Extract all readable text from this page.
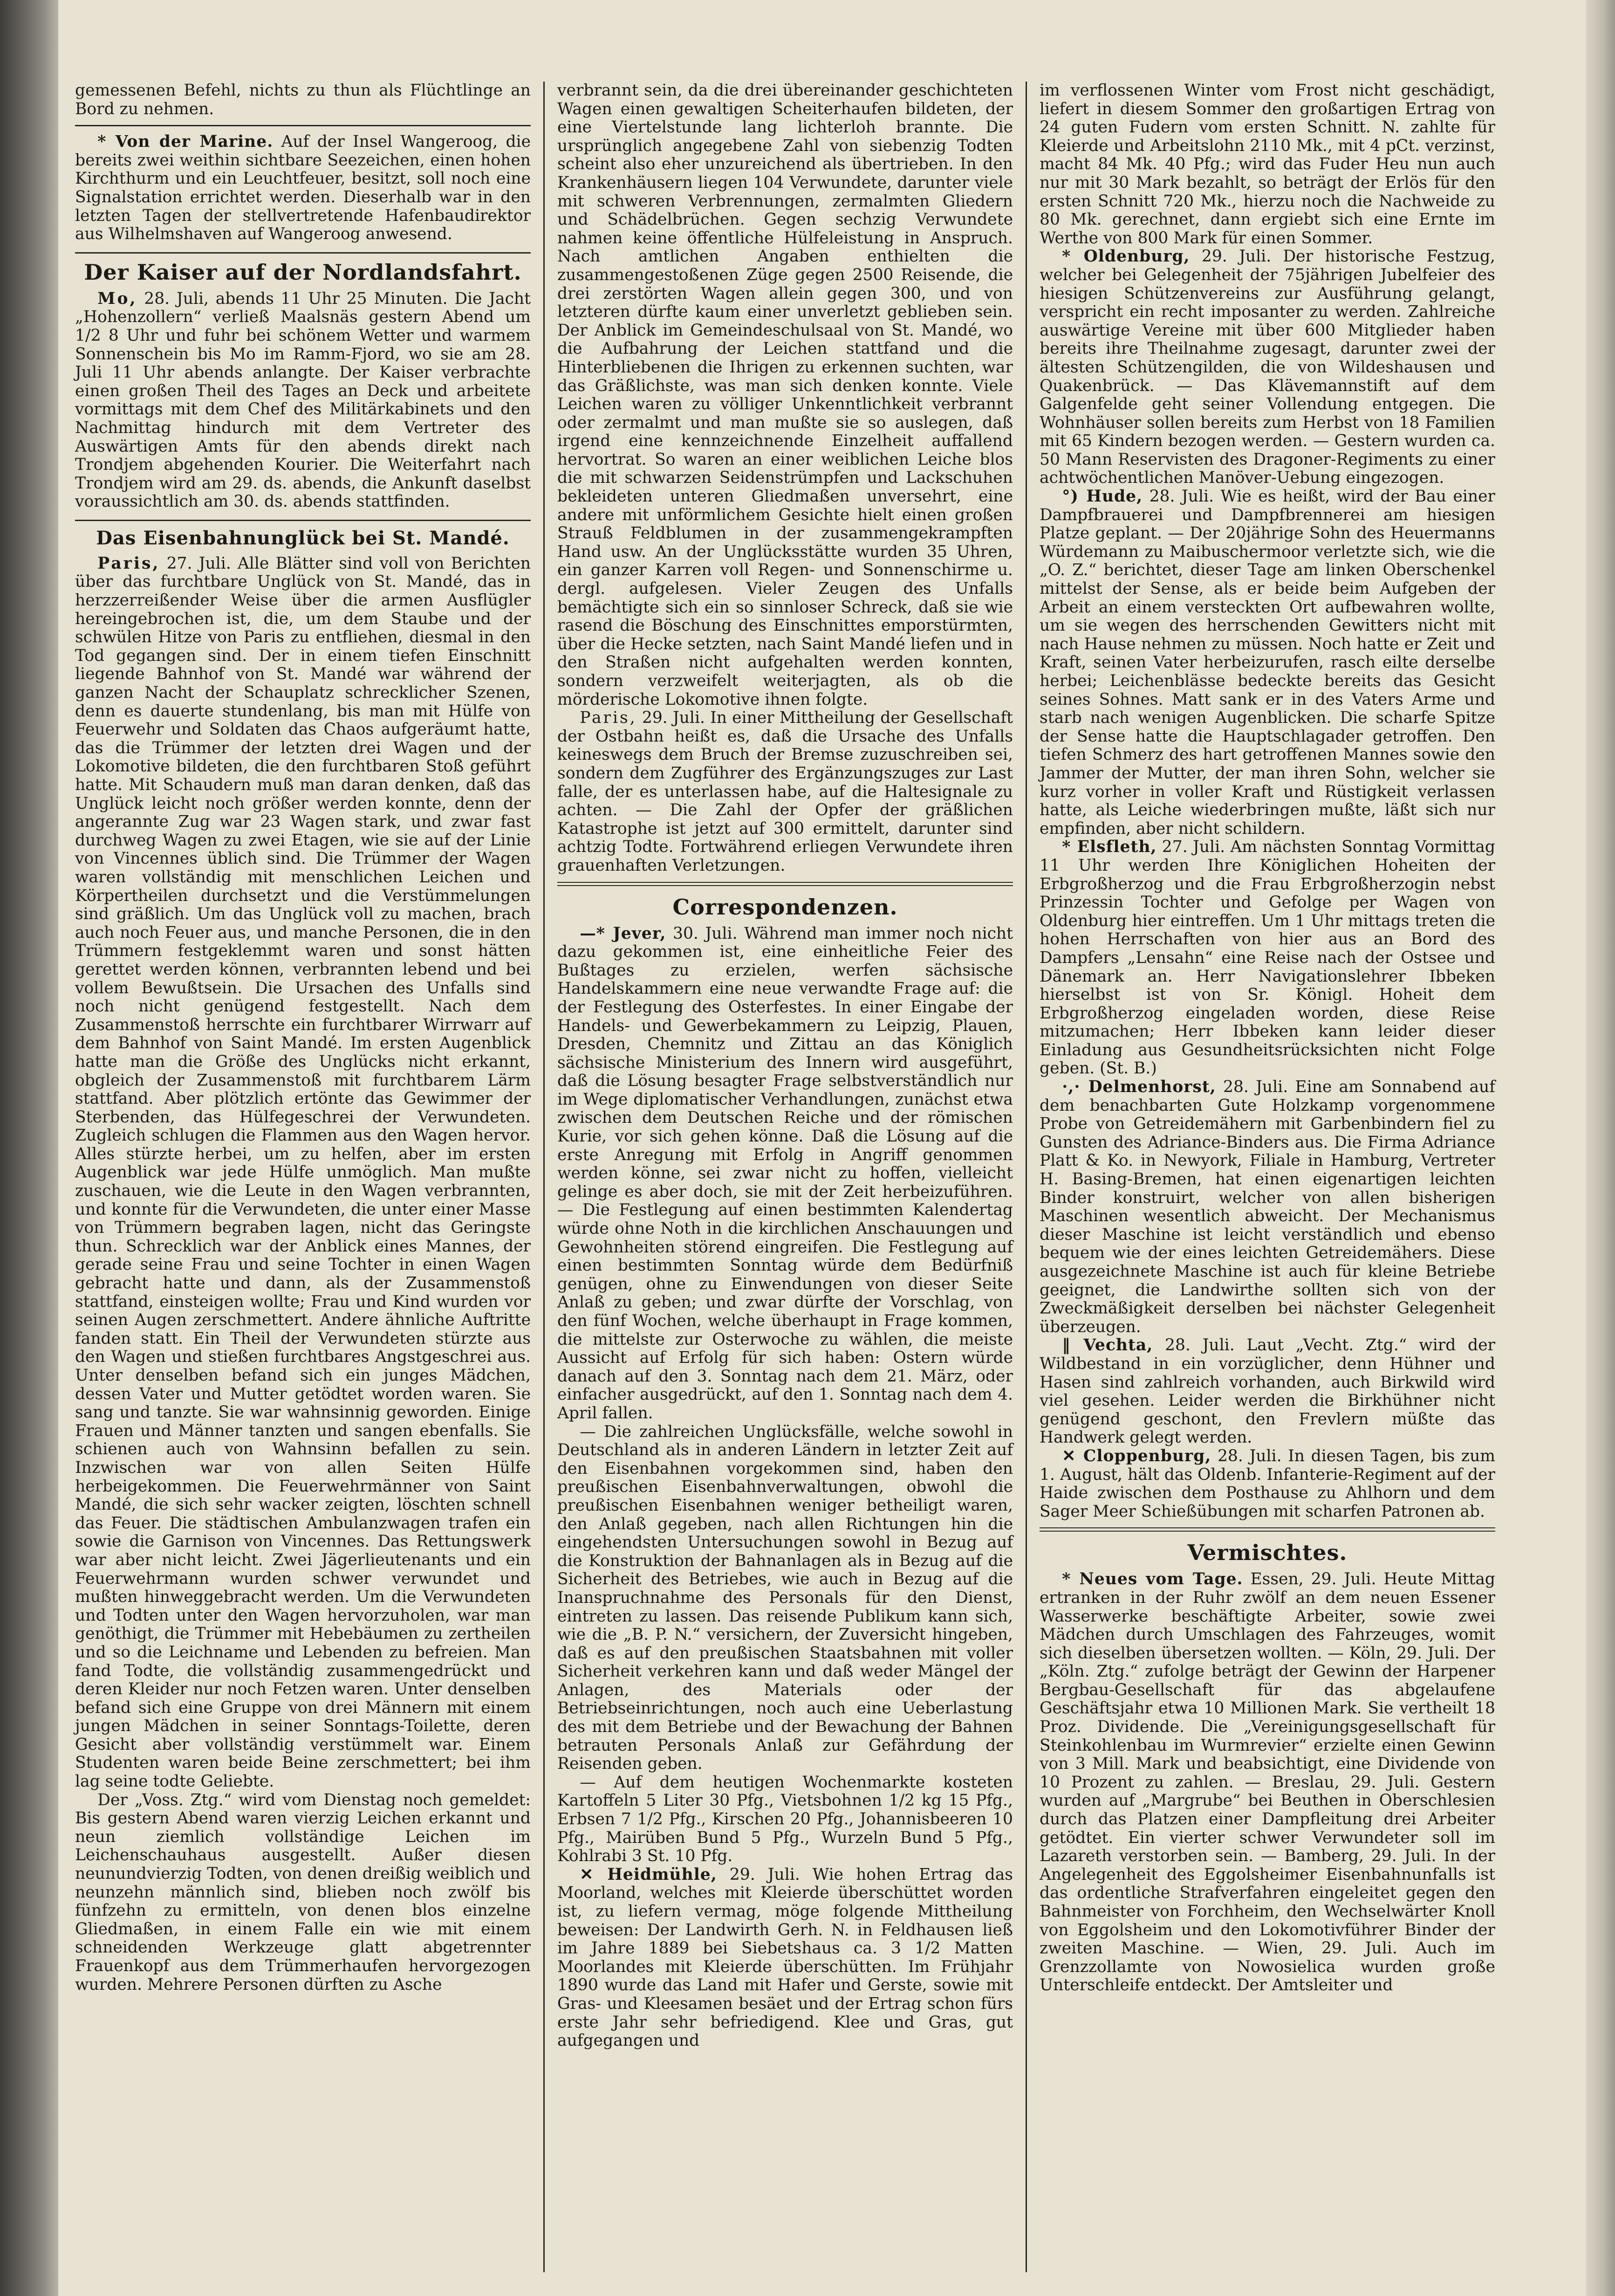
gemessenen Befehl, nichts zu thun als Flüchtlinge an Bord zu nehmen.

* Von der Marine. Auf der Insel Wangeroog, die bereits zwei weithin sichtbare Seezeichen, einen hohen Kirchthurm und ein Leuchtfeuer, besitzt, soll noch eine Signalstation errichtet werden. Dieserhalb war in den letzten Tagen der stellvertretende Hafenbaudirektor aus Wilhelmshaven auf Wangeroog anwesend.

Der Kaiser auf der Nordlandsfahrt.

Mo, 28. Juli, abends 11 Uhr 25 Minuten. Die Jacht „Hohenzollern“ verließ Maalsnäs gestern Abend um 1/2 8 Uhr und fuhr bei schönem Wetter und warmem Sonnenschein bis Mo im Ramm-Fjord, wo sie am 28. Juli 11 Uhr abends anlangte. Der Kaiser verbrachte einen großen Theil des Tages an Deck und arbeitete vormittags mit dem Chef des Militärkabinets und den Nachmittag hindurch mit dem Vertreter des Auswärtigen Amts für den abends direkt nach Trondjem abgehenden Kourier. Die Weiterfahrt nach Trondjem wird am 29. ds. abends, die Ankunft daselbst voraussichtlich am 30. ds. abends stattfinden.

Das Eisenbahnunglück bei St. Mandé.

Paris, 27. Juli. Alle Blätter sind voll von Berichten über das furchtbare Unglück von St. Mandé, das in herzzerreißender Weise über die armen Ausflügler hereingebrochen ist, die, um dem Staube und der schwülen Hitze von Paris zu entfliehen, diesmal in den Tod gegangen sind. Der in einem tiefen Einschnitt liegende Bahnhof von St. Mandé war während der ganzen Nacht der Schauplatz schrecklicher Szenen, denn es dauerte stundenlang, bis man mit Hülfe von Feuerwehr und Soldaten das Chaos aufgeräumt hatte, das die Trümmer der letzten drei Wagen und der Lokomotive bildeten, die den furchtbaren Stoß geführt hatte. Mit Schaudern muß man daran denken, daß das Unglück leicht noch größer werden konnte, denn der angerannte Zug war 23 Wagen stark, und zwar fast durchweg Wagen zu zwei Etagen, wie sie auf der Linie von Vincennes üblich sind. Die Trümmer der Wagen waren vollständig mit menschlichen Leichen und Körpertheilen durchsetzt und die Verstümmelungen sind gräßlich. Um das Unglück voll zu machen, brach auch noch Feuer aus, und manche Personen, die in den Trümmern festgeklemmt waren und sonst hätten gerettet werden können, verbrannten lebend und bei vollem Bewußtsein. Die Ursachen des Unfalls sind noch nicht genügend festgestellt. Nach dem Zusammenstoß herrschte ein furchtbarer Wirrwarr auf dem Bahnhof von Saint Mandé. Im ersten Augenblick hatte man die Größe des Unglücks nicht erkannt, obgleich der Zusammenstoß mit furchtbarem Lärm stattfand. Aber plötzlich ertönte das Gewimmer der Sterbenden, das Hülfegeschrei der Verwundeten. Zugleich schlugen die Flammen aus den Wagen hervor. Alles stürzte herbei, um zu helfen, aber im ersten Augenblick war jede Hülfe unmöglich. Man mußte zuschauen, wie die Leute in den Wagen verbrannten, und konnte für die Verwundeten, die unter einer Masse von Trümmern begraben lagen, nicht das Geringste thun. Schrecklich war der Anblick eines Mannes, der gerade seine Frau und seine Tochter in einen Wagen gebracht hatte und dann, als der Zusammenstoß stattfand, einsteigen wollte; Frau und Kind wurden vor seinen Augen zerschmettert. Andere ähnliche Auftritte fanden statt. Ein Theil der Verwundeten stürzte aus den Wagen und stießen furchtbares Angstgeschrei aus. Unter denselben befand sich ein junges Mädchen, dessen Vater und Mutter getödtet worden waren. Sie sang und tanzte. Sie war wahnsinnig geworden. Einige Frauen und Männer tanzten und sangen ebenfalls. Sie schienen auch von Wahnsinn befallen zu sein. Inzwischen war von allen Seiten Hülfe herbeigekommen. Die Feuerwehrmänner von Saint Mandé, die sich sehr wacker zeigten, löschten schnell das Feuer. Die städtischen Ambulanzwagen trafen ein sowie die Garnison von Vincennes. Das Rettungswerk war aber nicht leicht. Zwei Jägerlieutenants und ein Feuerwehrmann wurden schwer verwundet und mußten hinweggebracht werden. Um die Verwundeten und Todten unter den Wagen hervorzuholen, war man genöthigt, die Trümmer mit Hebebäumen zu zertheilen und so die Leichname und Lebenden zu befreien. Man fand Todte, die vollständig zusammengedrückt und deren Kleider nur noch Fetzen waren. Unter denselben befand sich eine Gruppe von drei Männern mit einem jungen Mädchen in seiner Sonntags-Toilette, deren Gesicht aber vollständig verstümmelt war. Einem Studenten waren beide Beine zerschmettert; bei ihm lag seine todte Geliebte.

Der „Voss. Ztg.“ wird vom Dienstag noch gemeldet: Bis gestern Abend waren vierzig Leichen erkannt und neun ziemlich vollständige Leichen im Leichenschauhaus ausgestellt. Außer diesen neunundvierzig Todten, von denen dreißig weiblich und neunzehn männlich sind, blieben noch zwölf bis fünfzehn zu ermitteln, von denen blos einzelne Gliedmaßen, in einem Falle ein wie mit einem schneidenden Werkzeuge glatt abgetrennter Frauenkopf aus dem Trümmerhaufen hervorgezogen wurden. Mehrere Personen dürften zu Asche

verbrannt sein, da die drei übereinander geschichteten Wagen einen gewaltigen Scheiterhaufen bildeten, der eine Viertelstunde lang lichterloh brannte. Die ursprünglich angegebene Zahl von siebenzig Todten scheint also eher unzureichend als übertrieben. In den Krankenhäusern liegen 104 Verwundete, darunter viele mit schweren Verbrennungen, zermalmten Gliedern und Schädelbrüchen. Gegen sechzig Verwundete nahmen keine öffentliche Hülfeleistung in Anspruch. Nach amtlichen Angaben enthielten die zusammengestoßenen Züge gegen 2500 Reisende, die drei zerstörten Wagen allein gegen 300, und von letzteren dürfte kaum einer unverletzt geblieben sein. Der Anblick im Gemeindeschulsaal von St. Mandé, wo die Aufbahrung der Leichen stattfand und die Hinterbliebenen die Ihrigen zu erkennen suchten, war das Gräßlichste, was man sich denken konnte. Viele Leichen waren zu völliger Unkenntlichkeit verbrannt oder zermalmt und man mußte sie so auslegen, daß irgend eine kennzeichnende Einzelheit auffallend hervortrat. So waren an einer weiblichen Leiche blos die mit schwarzen Seidenstrümpfen und Lackschuhen bekleideten unteren Gliedmaßen unversehrt, eine andere mit unförmlichem Gesichte hielt einen großen Strauß Feldblumen in der zusammengekrampften Hand usw. An der Unglücksstätte wurden 35 Uhren, ein ganzer Karren voll Regen- und Sonnenschirme u. dergl. aufgelesen. Vieler Zeugen des Unfalls bemächtigte sich ein so sinnloser Schreck, daß sie wie rasend die Böschung des Einschnittes emporstürmten, über die Hecke setzten, nach Saint Mandé liefen und in den Straßen nicht aufgehalten werden konnten, sondern verzweifelt weiterjagten, als ob die mörderische Lokomotive ihnen folgte.

Paris, 29. Juli. In einer Mittheilung der Gesellschaft der Ostbahn heißt es, daß die Ursache des Unfalls keineswegs dem Bruch der Bremse zuzuschreiben sei, sondern dem Zugführer des Ergänzungszuges zur Last falle, der es unterlassen habe, auf die Haltesignale zu achten. — Die Zahl der Opfer der gräßlichen Katastrophe ist jetzt auf 300 ermittelt, darunter sind achtzig Todte. Fortwährend erliegen Verwundete ihren grauenhaften Verletzungen.

Correspondenzen.

—* Jever, 30. Juli. Während man immer noch nicht dazu gekommen ist, eine einheitliche Feier des Bußtages zu erzielen, werfen sächsische Handelskammern eine neue verwandte Frage auf: die der Festlegung des Osterfestes. In einer Eingabe der Handels- und Gewerbekammern zu Leipzig, Plauen, Dresden, Chemnitz und Zittau an das Königlich sächsische Ministerium des Innern wird ausgeführt, daß die Lösung besagter Frage selbstverständlich nur im Wege diplomatischer Verhandlungen, zunächst etwa zwischen dem Deutschen Reiche und der römischen Kurie, vor sich gehen könne. Daß die Lösung auf die erste Anregung mit Erfolg in Angriff genommen werden könne, sei zwar nicht zu hoffen, vielleicht gelinge es aber doch, sie mit der Zeit herbeizuführen. — Die Festlegung auf einen bestimmten Kalendertag würde ohne Noth in die kirchlichen Anschauungen und Gewohnheiten störend eingreifen. Die Festlegung auf einen bestimmten Sonntag würde dem Bedürfniß genügen, ohne zu Einwendungen von dieser Seite Anlaß zu geben; und zwar dürfte der Vorschlag, von den fünf Wochen, welche überhaupt in Frage kommen, die mittelste zur Osterwoche zu wählen, die meiste Aussicht auf Erfolg für sich haben: Ostern würde danach auf den 3. Sonntag nach dem 21. März, oder einfacher ausgedrückt, auf den 1. Sonntag nach dem 4. April fallen.

— Die zahlreichen Unglücksfälle, welche sowohl in Deutschland als in anderen Ländern in letzter Zeit auf den Eisenbahnen vorgekommen sind, haben den preußischen Eisenbahnverwaltungen, obwohl die preußischen Eisenbahnen weniger betheiligt waren, den Anlaß gegeben, nach allen Richtungen hin die eingehendsten Untersuchungen sowohl in Bezug auf die Konstruktion der Bahnanlagen als in Bezug auf die Sicherheit des Betriebes, wie auch in Bezug auf die Inanspruchnahme des Personals für den Dienst, eintreten zu lassen. Das reisende Publikum kann sich, wie die „B. P. N.“ versichern, der Zuversicht hingeben, daß es auf den preußischen Staatsbahnen mit voller Sicherheit verkehren kann und daß weder Mängel der Anlagen, des Materials oder der Betriebseinrichtungen, noch auch eine Ueberlastung des mit dem Betriebe und der Bewachung der Bahnen betrauten Personals Anlaß zur Gefährdung der Reisenden geben.

— Auf dem heutigen Wochenmarkte kosteten Kartoffeln 5 Liter 30 Pfg., Vietsbohnen 1/2 kg 15 Pfg., Erbsen 7 1/2 Pfg., Kirschen 20 Pfg., Johannisbeeren 10 Pfg., Mairüben Bund 5 Pfg., Wurzeln Bund 5 Pfg., Kohlrabi 3 St. 10 Pfg.

✕ Heidmühle, 29. Juli. Wie hohen Ertrag das Moorland, welches mit Kleierde überschüttet worden ist, zu liefern vermag, möge folgende Mittheilung beweisen: Der Landwirth Gerh. N. in Feldhausen ließ im Jahre 1889 bei Siebetshaus ca. 3 1/2 Matten Moorlandes mit Kleierde überschütten. Im Frühjahr 1890 wurde das Land mit Hafer und Gerste, sowie mit Gras- und Kleesamen besäet und der Ertrag schon fürs erste Jahr sehr befriedigend. Klee und Gras, gut aufgegangen und

im verflossenen Winter vom Frost nicht geschädigt, liefert in diesem Sommer den großartigen Ertrag von 24 guten Fudern vom ersten Schnitt. N. zahlte für Kleierde und Arbeitslohn 2110 Mk., mit 4 pCt. verzinst, macht 84 Mk. 40 Pfg.; wird das Fuder Heu nun auch nur mit 30 Mark bezahlt, so beträgt der Erlös für den ersten Schnitt 720 Mk., hierzu noch die Nachweide zu 80 Mk. gerechnet, dann ergiebt sich eine Ernte im Werthe von 800 Mark für einen Sommer.

* Oldenburg, 29. Juli. Der historische Festzug, welcher bei Gelegenheit der 75jährigen Jubelfeier des hiesigen Schützenvereins zur Ausführung gelangt, verspricht ein recht imposanter zu werden. Zahlreiche auswärtige Vereine mit über 600 Mitglieder haben bereits ihre Theilnahme zugesagt, darunter zwei der ältesten Schützengilden, die von Wildeshausen und Quakenbrück. — Das Klävemannstift auf dem Galgenfelde geht seiner Vollendung entgegen. Die Wohnhäuser sollen bereits zum Herbst von 18 Familien mit 65 Kindern bezogen werden. — Gestern wurden ca. 50 Mann Reservisten des Dragoner-Regiments zu einer achtwöchentlichen Manöver-Uebung eingezogen.

°) Hude, 28. Juli. Wie es heißt, wird der Bau einer Dampfbrauerei und Dampfbrennerei am hiesigen Platze geplant. — Der 20jährige Sohn des Heuermanns Würdemann zu Maibuschermoor verletzte sich, wie die „O. Z.“ berichtet, dieser Tage am linken Oberschenkel mittelst der Sense, als er beide beim Aufgeben der Arbeit an einem versteckten Ort aufbewahren wollte, um sie wegen des herrschenden Gewitters nicht mit nach Hause nehmen zu müssen. Noch hatte er Zeit und Kraft, seinen Vater herbeizurufen, rasch eilte derselbe herbei; Leichenblässe bedeckte bereits das Gesicht seines Sohnes. Matt sank er in des Vaters Arme und starb nach wenigen Augenblicken. Die scharfe Spitze der Sense hatte die Hauptschlagader getroffen. Den tiefen Schmerz des hart getroffenen Mannes sowie den Jammer der Mutter, der man ihren Sohn, welcher sie kurz vorher in voller Kraft und Rüstigkeit verlassen hatte, als Leiche wiederbringen mußte, läßt sich nur empfinden, aber nicht schildern.

* Elsfleth, 27. Juli. Am nächsten Sonntag Vormittag 11 Uhr werden Ihre Königlichen Hoheiten der Erbgroßherzog und die Frau Erbgroßherzogin nebst Prinzessin Tochter und Gefolge per Wagen von Oldenburg hier eintreffen. Um 1 Uhr mittags treten die hohen Herrschaften von hier aus an Bord des Dampfers „Lensahn“ eine Reise nach der Ostsee und Dänemark an. Herr Navigationslehrer Ibbeken hierselbst ist von Sr. Königl. Hoheit dem Erbgroßherzog eingeladen worden, diese Reise mitzumachen; Herr Ibbeken kann leider dieser Einladung aus Gesundheitsrücksichten nicht Folge geben. (St. B.)

·,· Delmenhorst, 28. Juli. Eine am Sonnabend auf dem benachbarten Gute Holzkamp vorgenommene Probe von Getreidemähern mit Garbenbindern fiel zu Gunsten des Adriance-Binders aus. Die Firma Adriance Platt & Ko. in Newyork, Filiale in Hamburg, Vertreter H. Basing-Bremen, hat einen eigenartigen leichten Binder konstruirt, welcher von allen bisherigen Maschinen wesentlich abweicht. Der Mechanismus dieser Maschine ist leicht verständlich und ebenso bequem wie der eines leichten Getreidemähers. Diese ausgezeichnete Maschine ist auch für kleine Betriebe geeignet, die Landwirthe sollten sich von der Zweckmäßigkeit derselben bei nächster Gelegenheit überzeugen.

‖ Vechta, 28. Juli. Laut „Vecht. Ztg.“ wird der Wildbestand in ein vorzüglicher, denn Hühner und Hasen sind zahlreich vorhanden, auch Birkwild wird viel gesehen. Leider werden die Birkhühner nicht genügend geschont, den Frevlern müßte das Handwerk gelegt werden.

✕ Cloppenburg, 28. Juli. In diesen Tagen, bis zum 1. August, hält das Oldenb. Infanterie-Regiment auf der Haide zwischen dem Posthause zu Ahlhorn und dem Sager Meer Schießübungen mit scharfen Patronen ab.

Vermischtes.

* Neues vom Tage. Essen, 29. Juli. Heute Mittag ertranken in der Ruhr zwölf an dem neuen Essener Wasserwerke beschäftigte Arbeiter, sowie zwei Mädchen durch Umschlagen des Fahrzeuges, womit sich dieselben übersetzen wollten. — Köln, 29. Juli. Der „Köln. Ztg.“ zufolge beträgt der Gewinn der Harpener Bergbau-Gesellschaft für das abgelaufene Geschäftsjahr etwa 10 Millionen Mark. Sie vertheilt 18 Proz. Dividende. Die „Vereinigungsgesellschaft für Steinkohlenbau im Wurmrevier“ erzielte einen Gewinn von 3 Mill. Mark und beabsichtigt, eine Dividende von 10 Prozent zu zahlen. — Breslau, 29. Juli. Gestern wurden auf „Margrube“ bei Beuthen in Oberschlesien durch das Platzen einer Dampfleitung drei Arbeiter getödtet. Ein vierter schwer Verwundeter soll im Lazareth verstorben sein. — Bamberg, 29. Juli. In der Angelegenheit des Eggolsheimer Eisenbahnunfalls ist das ordentliche Strafverfahren eingeleitet gegen den Bahnmeister von Forchheim, den Wechselwärter Knoll von Eggolsheim und den Lokomotivführer Binder der zweiten Maschine. — Wien, 29. Juli. Auch im Grenzzollamte von Nowosielica wurden große Unterschleife entdeckt. Der Amtsleiter und
